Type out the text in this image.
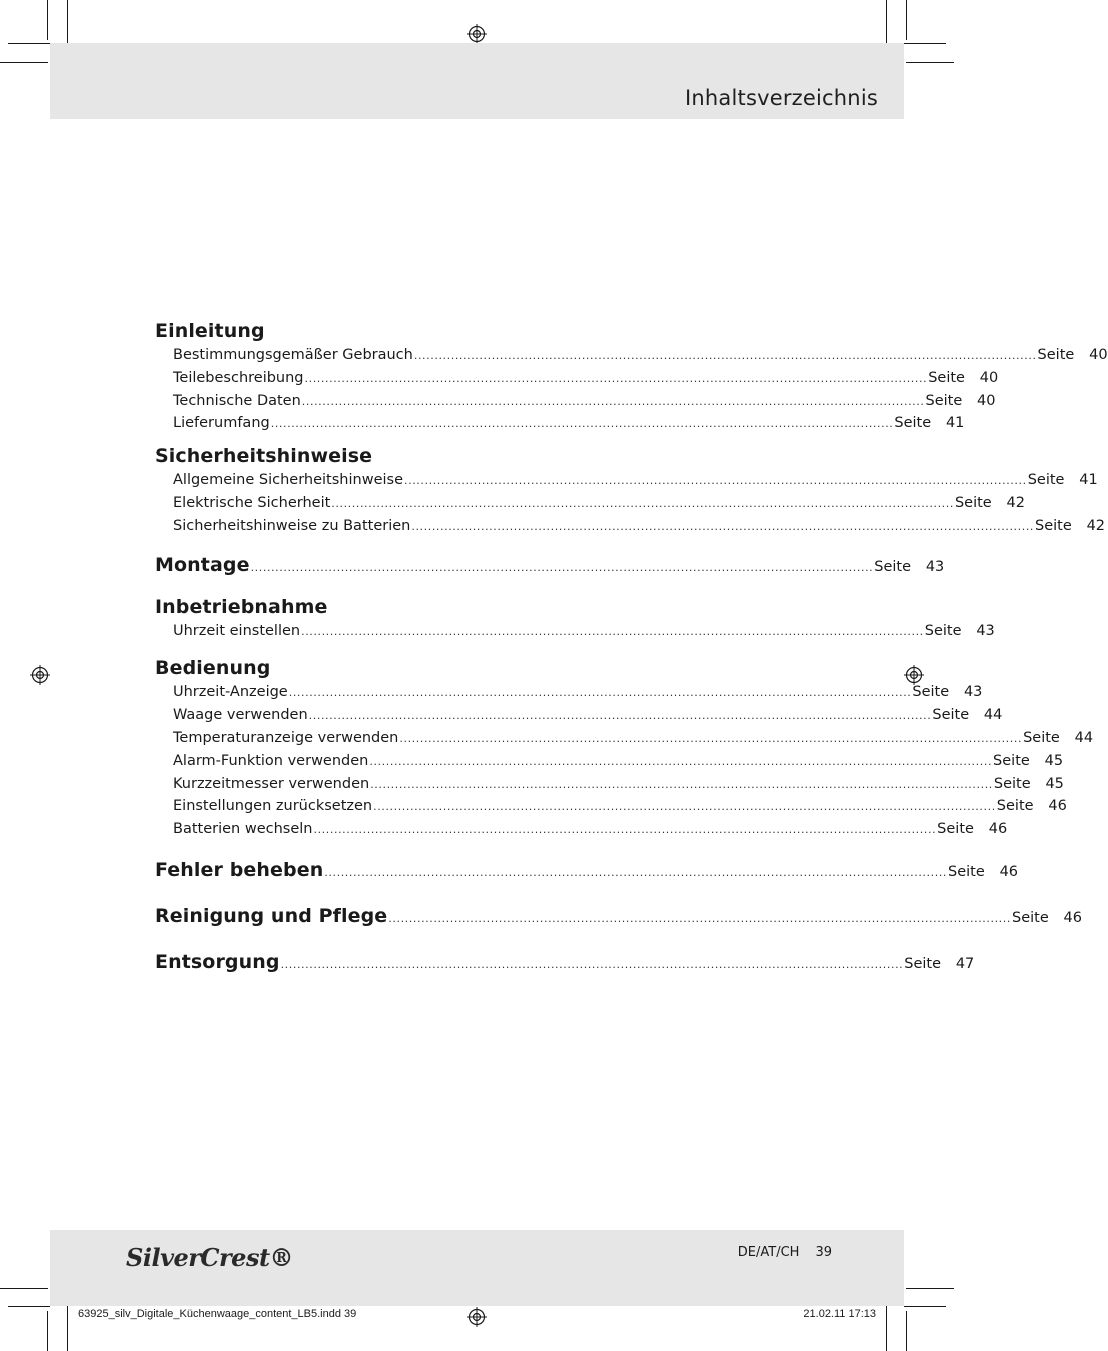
Inhaltsverzeichnis
Einleitung
Bestimmungsgemäßer Gebrauch ........................................................................................................................................................ Seite	40
Teilebeschreibung ........................................................................................................................................................ Seite	40
Technische Daten ........................................................................................................................................................ Seite	40
Lieferumfang ........................................................................................................................................................ Seite	41
Sicherheitshinweise
Allgemeine Sicherheitshinweise ........................................................................................................................................................ Seite	41
Elektrische Sicherheit ........................................................................................................................................................ Seite	42
Sicherheitshinweise zu Batterien ........................................................................................................................................................ Seite	42
Montage ........................................................................................................................................................ Seite	43
Inbetriebnahme
Uhrzeit einstellen ........................................................................................................................................................ Seite	43
Bedienung
Uhrzeit-Anzeige ........................................................................................................................................................ Seite	43
Waage verwenden ........................................................................................................................................................ Seite	44
Temperaturanzeige verwenden ........................................................................................................................................................ Seite	44
Alarm-Funktion verwenden ........................................................................................................................................................ Seite	45
Kurzzeitmesser verwenden ........................................................................................................................................................ Seite	45
Einstellungen zurücksetzen ........................................................................................................................................................ Seite	46
Batterien wechseln ........................................................................................................................................................ Seite	46
Fehler beheben ........................................................................................................................................................ Seite	46
Reinigung und Pflege ........................................................................................................................................................ Seite	46
Entsorgung ........................................................................................................................................................ Seite	47
SilverCrest®	DE/AT/CH 39
63925_silv_Digitale_Küchenwaage_content_LB5.indd 39	21.02.11 17:13
